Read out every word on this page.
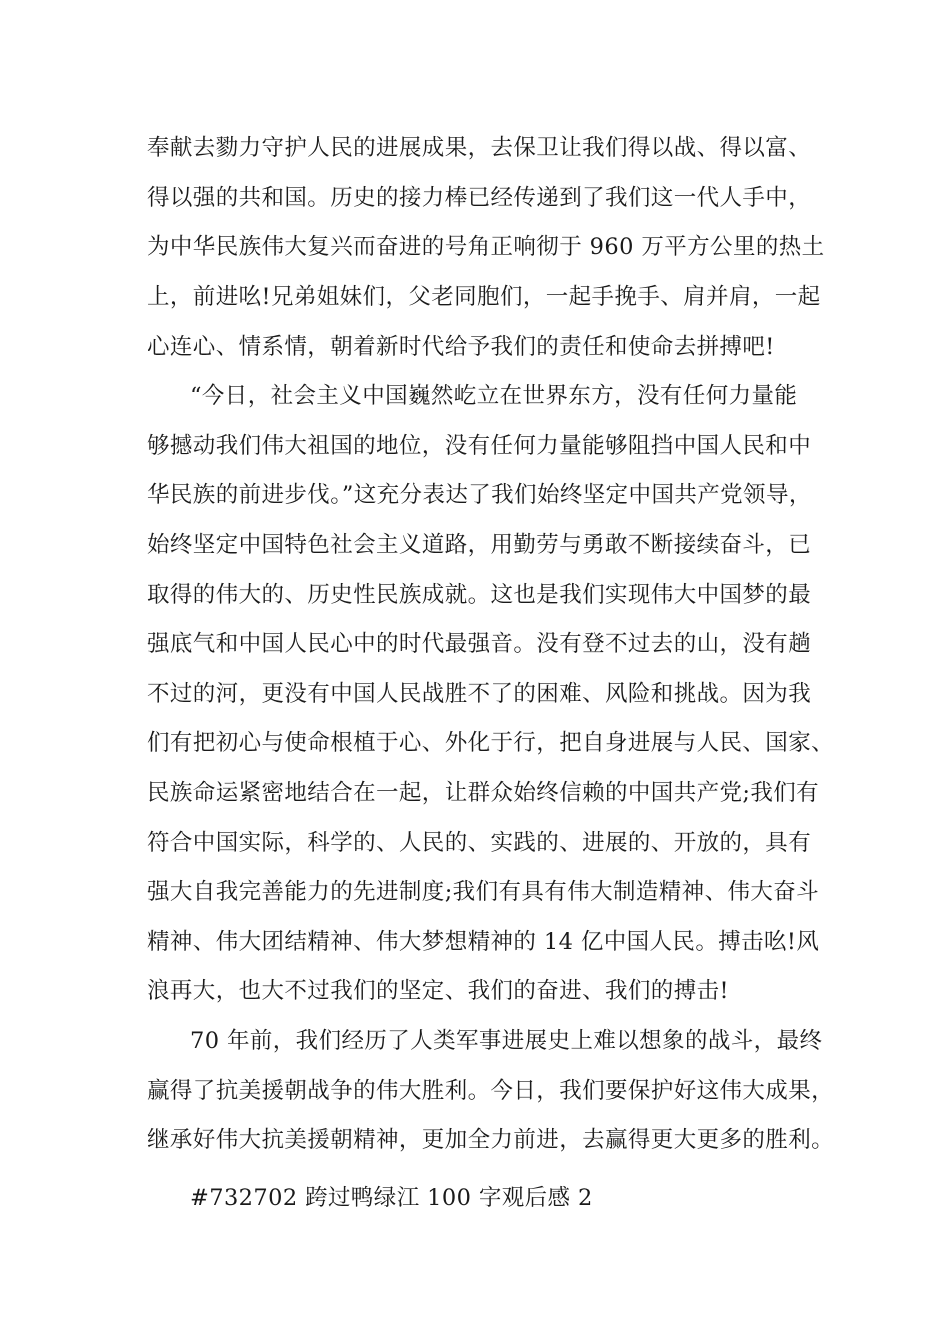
奉献去勠力守护人民的进展成果，去保卫让我们得以战、得以富、

得以强的共和国。历史的接力棒已经传递到了我们这一代人手中，

为中华民族伟大复兴而奋进的号角正响彻于 960 万平方公里的热土

上，前进吆!兄弟姐妹们，父老同胞们，一起手挽手、肩并肩，一起

心连心、情系情，朝着新时代给予我们的责任和使命去拼搏吧!

“今日，社会主义中国巍然屹立在世界东方，没有任何力量能

够撼动我们伟大祖国的地位，没有任何力量能够阻挡中国人民和中

华民族的前进步伐。”这充分表达了我们始终坚定中国共产党领导，

始终坚定中国特色社会主义道路，用勤劳与勇敢不断接续奋斗，已

取得的伟大的、历史性民族成就。这也是我们实现伟大中国梦的最

强底气和中国人民心中的时代最强音。没有登不过去的山，没有趟

不过的河，更没有中国人民战胜不了的困难、风险和挑战。因为我

们有把初心与使命根植于心、外化于行，把自身进展与人民、国家、

民族命运紧密地结合在一起，让群众始终信赖的中国共产党;我们有

符合中国实际，科学的、人民的、实践的、进展的、开放的，具有

强大自我完善能力的先进制度;我们有具有伟大制造精神、伟大奋斗

精神、伟大团结精神、伟大梦想精神的 14 亿中国人民。搏击吆!风

浪再大，也大不过我们的坚定、我们的奋进、我们的搏击!

70 年前，我们经历了人类军事进展史上难以想象的战斗，最终

赢得了抗美援朝战争的伟大胜利。今日，我们要保护好这伟大成果，

继承好伟大抗美援朝精神，更加全力前进，去赢得更大更多的胜利。

#732702 跨过鸭绿江 100 字观后感 2
